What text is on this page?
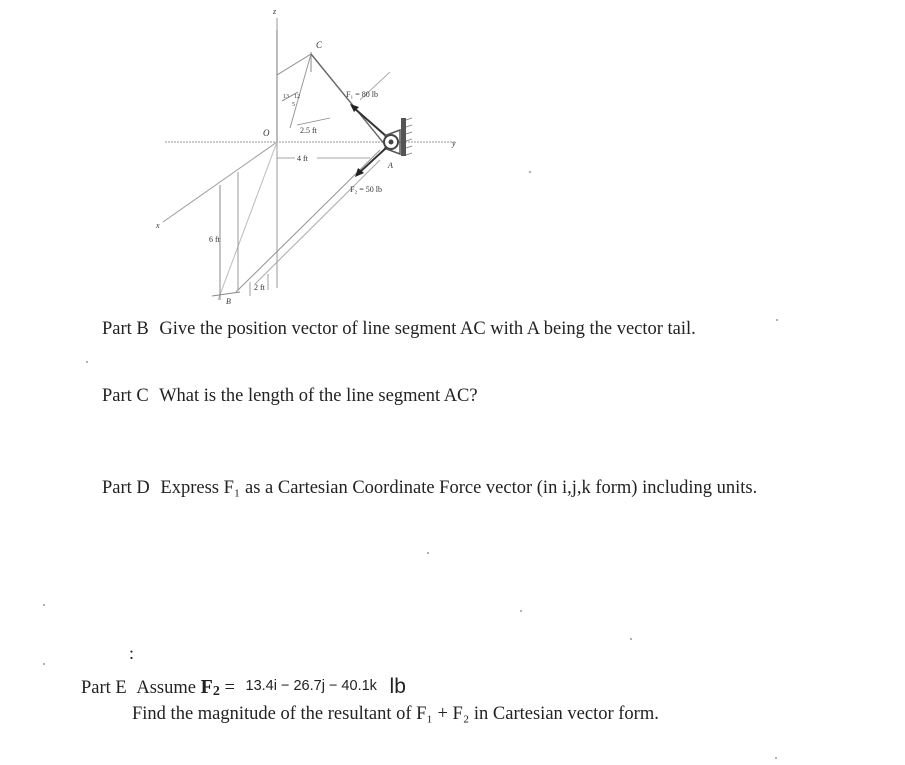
z
y
x
O
C
13 12
5
2.5 ft
4 ft
6 ft
2 ft
B
F₁ = 80 lb
A
F₂ = 50 lb
Part B Give the position vector of line segment AC with A being the vector tail.
Part C What is the length of the line segment AC?
Part D Express F₁ as a Cartesian Coordinate Force vector (in i,j,k form) including units.
:
Part E Assume F2 = 13.4i − 26.7j − 40.1k lb
Find the magnitude of the resultant of F₁ + F₂ in Cartesian vector form.
